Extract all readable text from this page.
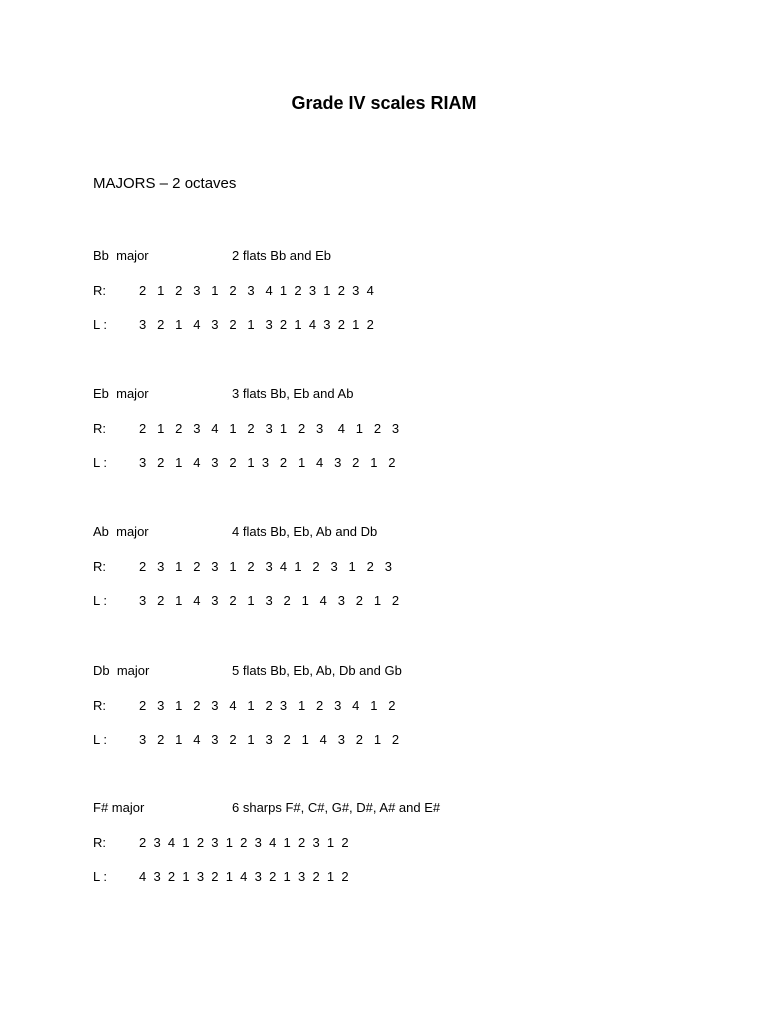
Grade IV scales RIAM
MAJORS – 2 octaves
Bb  major	2 flats Bb and Eb
R:	2   1   2   3   1   2   3   4  1  2  3  1  2  3  4
L : 3   2   1   4   3   2   1   3  2  1  4  3  2  1  2
Eb  major	3 flats Bb, Eb and Ab
R:	2   1   2   3   4   1   2   3  1   2   3    4   1   2   3
L : 3   2   1   4   3   2   1  3   2   1   4   3   2   1   2
Ab  major	4 flats Bb, Eb, Ab and Db
R:	2   3   1   2   3   1   2   3  4  1   2   3   1   2   3
L : 3   2   1   4   3   2   1   3   2   1   4   3   2   1   2
Db  major	5 flats Bb, Eb, Ab, Db and Gb
R:	2   3   1   2   3   4   1   2  3   1   2   3   4   1   2
L : 3   2   1   4   3   2   1   3   2   1   4   3   2   1   2
F# major	6 sharps F#, C#, G#, D#, A# and E#
R:	2  3  4  1  2  3  1  2  3  4  1  2  3  1  2
L : 4  3  2  1  3  2  1  4  3  2  1  3  2  1  2
